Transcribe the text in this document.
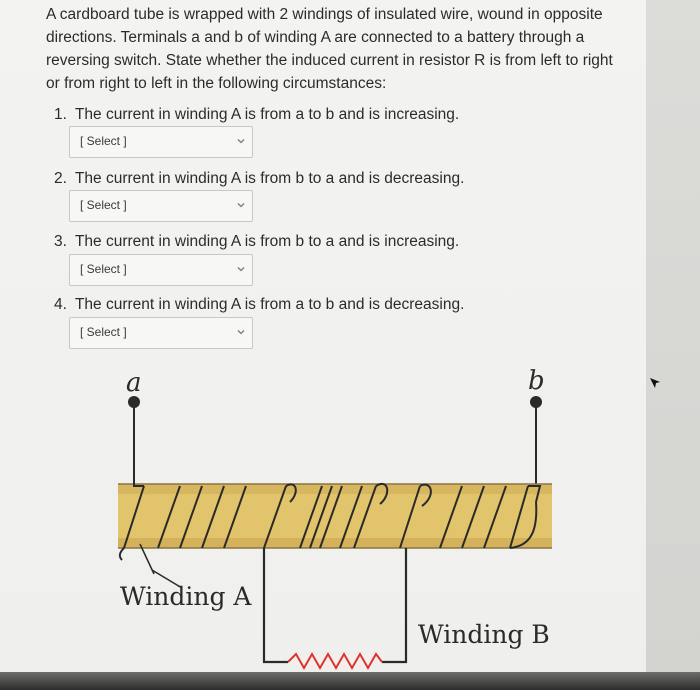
A cardboard tube is wrapped with 2 windings of insulated wire, wound in opposite directions. Terminals a and b of winding A are connected to a battery through a reversing switch. State whether the induced current in resistor R is from left to right or from right to left in the following circumstances:

1. The current in winding A is from a to b and is increasing.
[ Select ]
2. The current in winding A is from b to a and is decreasing.
[ Select ]
3. The current in winding A is from b to a and is increasing.
[ Select ]
4. The current in winding A is from a to b and is decreasing.
[ Select ]
a	b
Winding A
Winding B
